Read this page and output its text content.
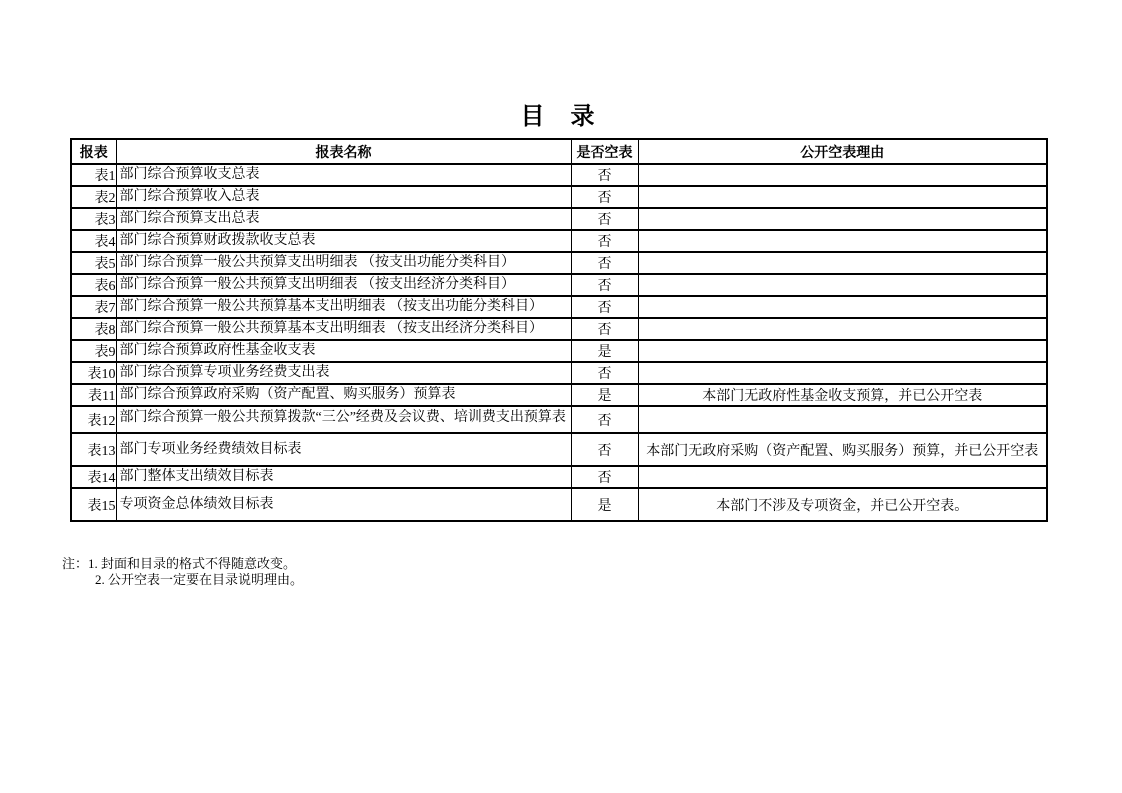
目　录
报表	报表名称	是否空表	公开空表理由
表1	部门综合预算收支总表	否	
表2	部门综合预算收入总表	否	
表3	部门综合预算支出总表	否	
表4	部门综合预算财政拨款收支总表	否	
表5	部门综合预算一般公共预算支出明细表 （按支出功能分类科目）	否	
表6	部门综合预算一般公共预算支出明细表 （按支出经济分类科目）	否	
表7	部门综合预算一般公共预算基本支出明细表 （按支出功能分类科目）	否	
表8	部门综合预算一般公共预算基本支出明细表 （按支出经济分类科目）	否	
表9	部门综合预算政府性基金收支表	是	
表10	部门综合预算专项业务经费支出表	否	
表11	部门综合预算政府采购（资产配置、购买服务）预算表	是	本部门无政府性基金收支预算，并已公开空表
表12	部门综合预算一般公共预算拨款“三公”经费及会议费、培训费支出预算表	否	
表13	部门专项业务经费绩效目标表	否	本部门无政府采购（资产配置、购买服务）预算，并已公开空表
表14	部门整体支出绩效目标表	否	
表15	专项资金总体绩效目标表	是	本部门不涉及专项资金，并已公开空表。
注：1. 封面和目录的格式不得随意改变。
2. 公开空表一定要在目录说明理由。
